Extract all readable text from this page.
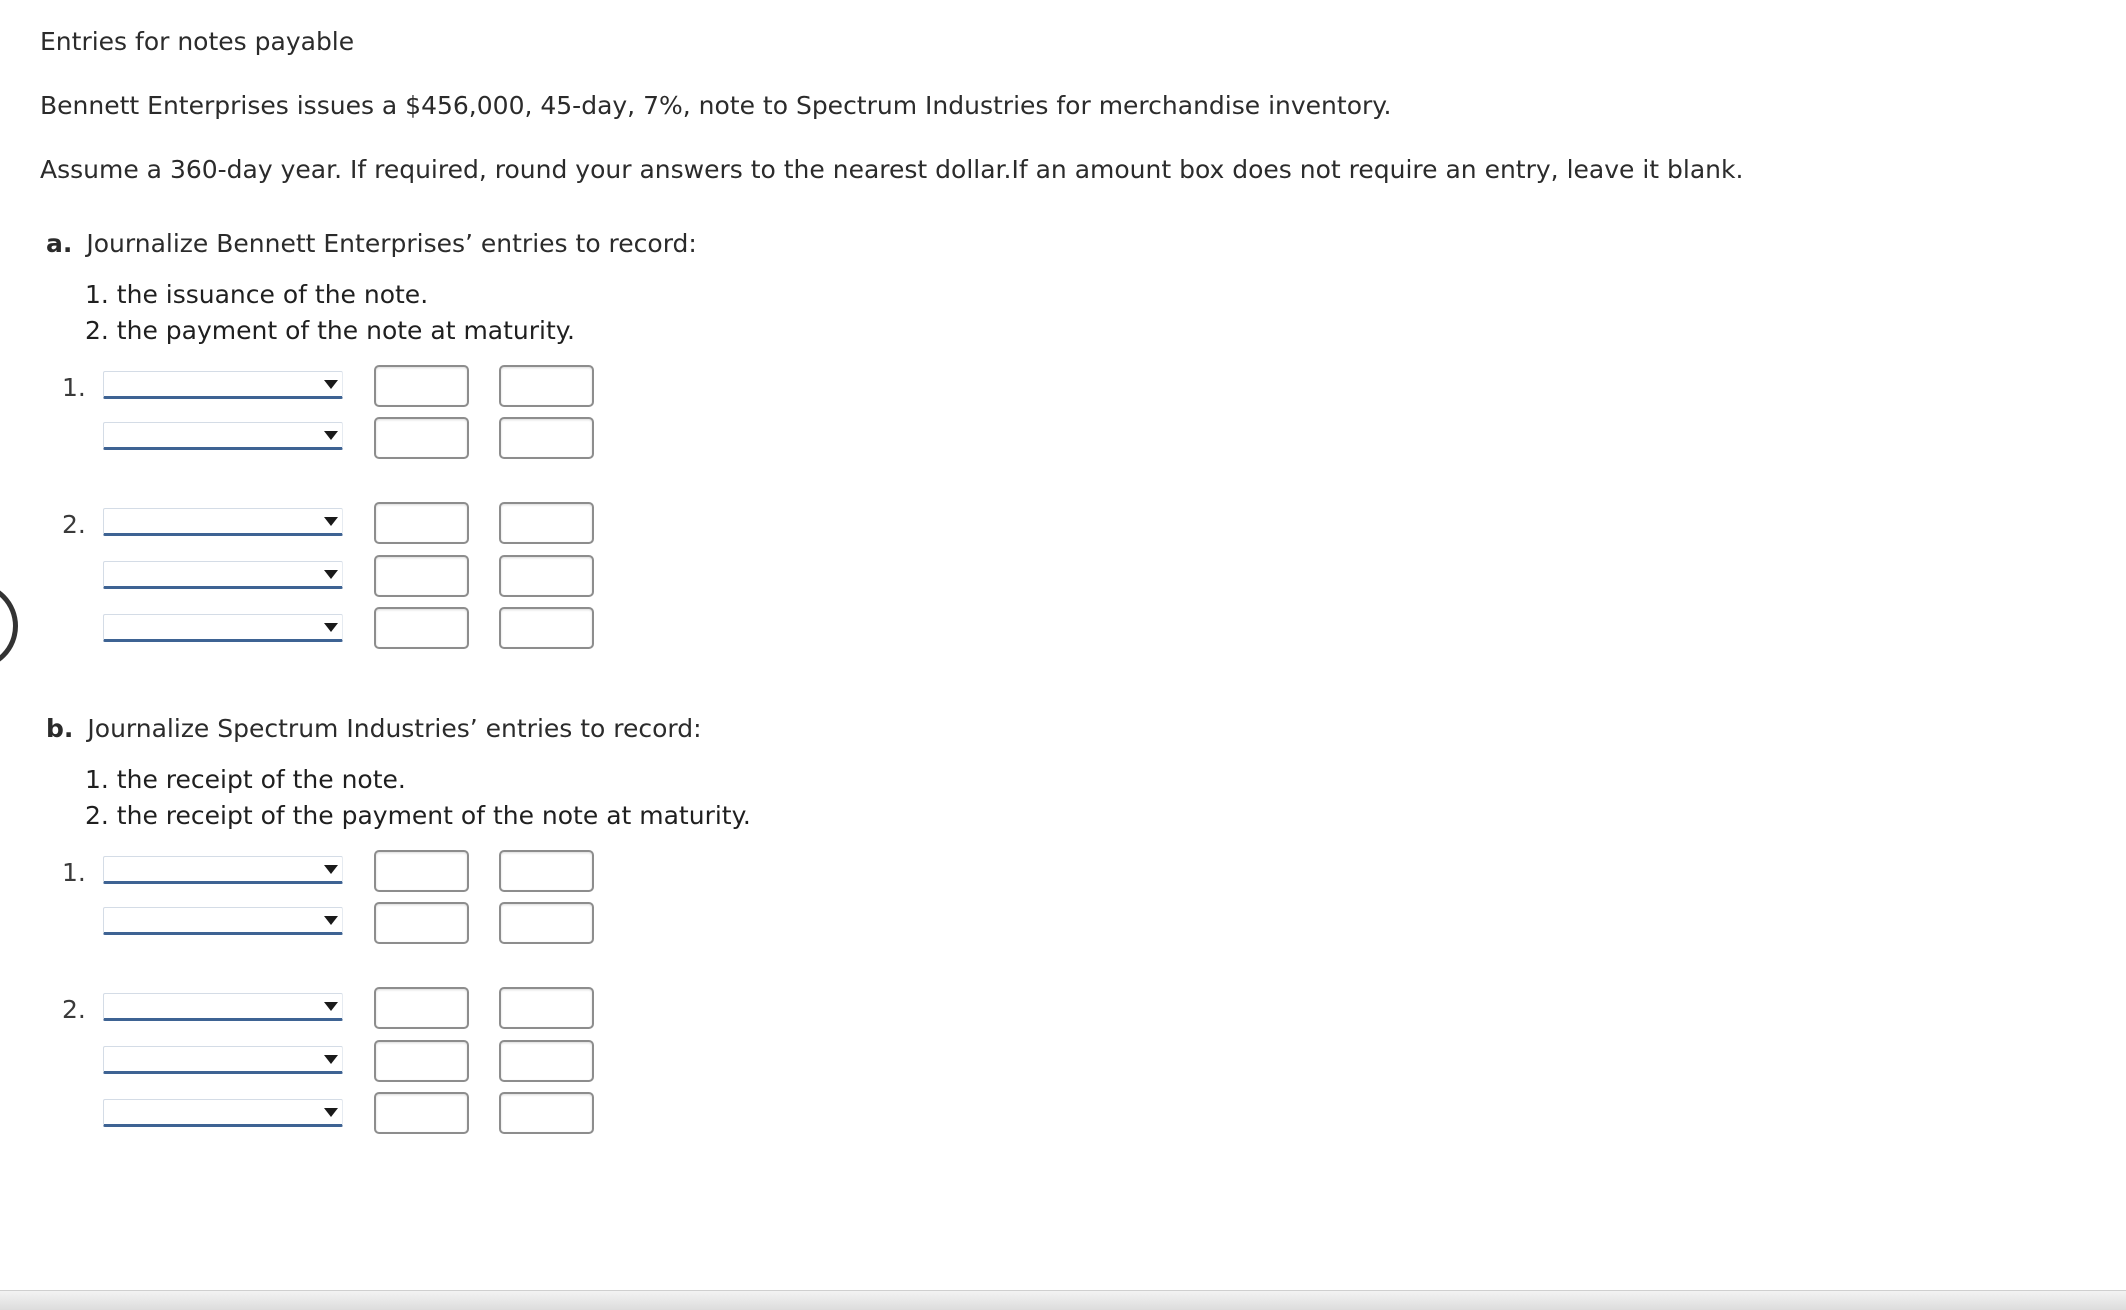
Entries for notes payable
Bennett Enterprises issues a $456,000, 45-day, 7%, note to Spectrum Industries for merchandise inventory.
Assume a 360-day year. If required, round your answers to the nearest dollar.If an amount box does not require an entry, leave it blank.
a. Journalize Bennett Enterprises’ entries to record:
1. the issuance of the note.
2. the payment of the note at maturity.
1.
2.
b. Journalize Spectrum Industries’ entries to record:
1. the receipt of the note.
2. the receipt of the payment of the note at maturity.
1.
2.
